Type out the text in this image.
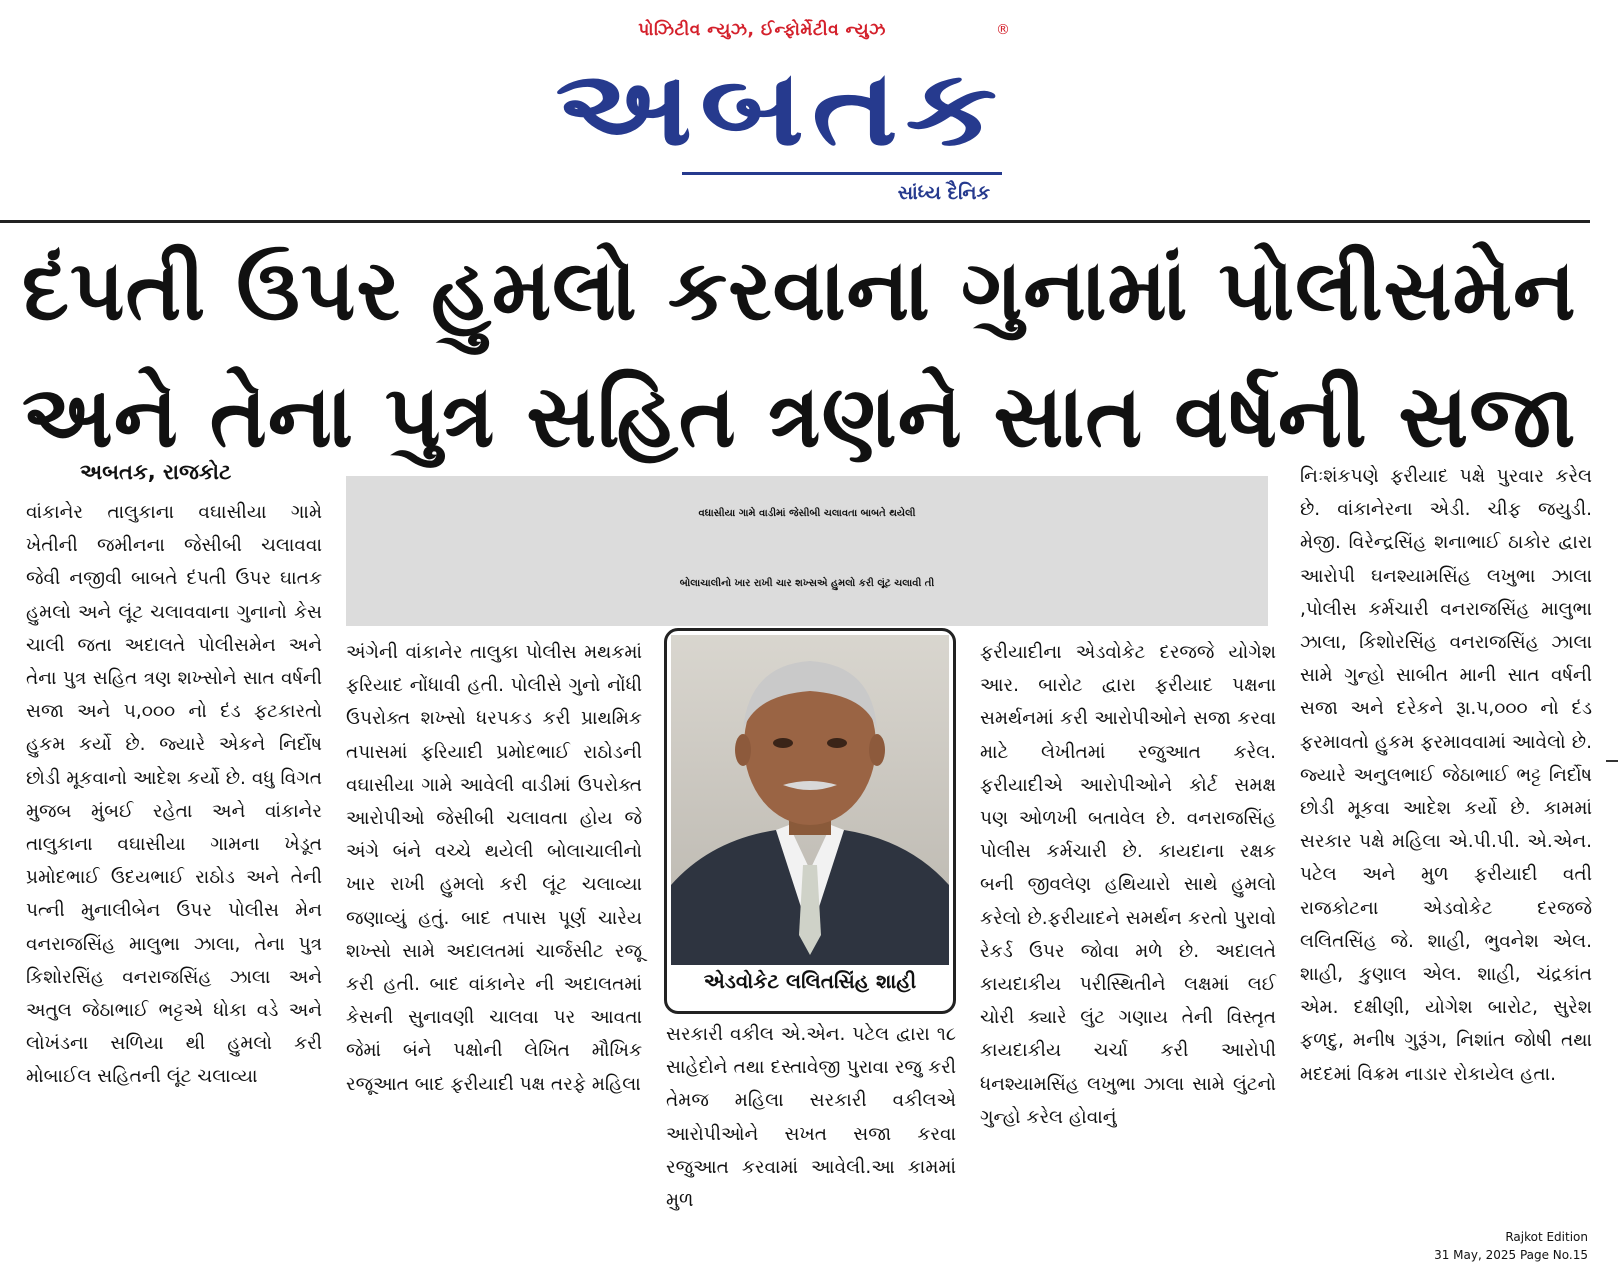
પોઝિટીવ ન્યુઝ, ઈન્ફોર્મેટીવ ન્યુઝ	®
અબતક
સાંધ્ય દૈનિક
દંપતી ઉપર હુમલો કરવાના ગુનામાં પોલીસમેન
અને તેના પુત્ર સહિત ત્રણને સાત વર્ષની સજા
અબતક, રાજકોટ
વઘાસીયા ગામે વાડીમાં જેસીબી ચલાવતા બાબતે થયેલી
બોલાચાલીનો ખાર રાખી ચાર શખ્સએ હુમલો કરી લૂંટ ચલાવી તી

વાંકાનેર તાલુકાના વઘાસીયા ગામે ખેતીની જમીનના જેસીબી ચલાવવા જેવી નજીવી બાબતે દંપતી ઉપર ઘાતક હુમલો અને લૂંટ ચલાવવાના ગુનાનો કેસ ચાલી જતા અદાલતે પોલીસમેન અને તેના પુત્ર સહિત ત્રણ શખ્સોને સાત વર્ષની સજા અને ૫,૦૦૦ નો દંડ ફટકારતો હુકમ કર્યો છે. જ્યારે એકને નિર્દોષ છોડી મૂકવાનો આદેશ કર્યો છે. વધુ વિગત મુજબ મુંબઈ રહેતા અને વાંકાનેર તાલુકાના વઘાસીયા ગામના ખેડૂત પ્રમોદભાઈ ઉદયભાઈ રાઠોડ અને તેની પત્ની મુનાલીબેન ઉપર પોલીસ મેન વનરાજસિંહ માલુભા ઝાલા, તેના પુત્ર કિશોરસિંહ વનરાજસિંહ ઝાલા અને અતુલ જેઠાભાઈ ભટ્ટએ ધોકા વડે અને લોખંડના સળિયા થી હુમલો કરી મોબાઈલ સહિતની લૂંટ ચલાવ્યા

અંગેની વાંકાનેર તાલુકા પોલીસ મથકમાં ફરિયાદ નોંધાવી હતી. પોલીસે ગુનો નોંધી ઉપરોક્ત શખ્સો ધરપકડ કરી પ્રાથમિક તપાસમાં ફરિયાદી પ્રમોદભાઈ રાઠોડની વઘાસીયા ગામે આવેલી વાડીમાં ઉપરોક્ત આરોપીઓ જેસીબી ચલાવતા હોય જે અંગે બંને વચ્ચે થયેલી બોલાચાલીનો ખાર રાખી હુમલો કરી લૂંટ ચલાવ્યા જણાવ્યું હતું. બાદ તપાસ પૂર્ણ ચારેય શખ્સો સામે અદાલતમાં ચાર્જસીટ રજૂ કરી હતી. બાદ વાંકાનેર ની અદાલતમાં કેસની સુનાવણી ચાલવા પર આવતા જેમાં બંને પક્ષોની લેખિત મૌખિક રજૂઆત બાદ ફરીયાદી પક્ષ તરફે મહિલા

એડવોકેટ લલિતસિંહ શાહી

સરકારી વકીલ એ.એન. પટેલ દ્વારા ૧૮ સાહેદોને તથા દસ્તાવેજી પુરાવા રજુ કરી તેમજ મહિલા સરકારી વકીલએ આરોપીઓને સખત સજા કરવા રજુઆત કરવામાં આવેલી.આ કામમાં મુળ

ફરીયાદીના એડવોકેટ દરજજે યોગેશ આર. બારોટ દ્વારા ફરીયાદ પક્ષના સમર્થનમાં કરી આરોપીઓને સજા કરવા માટે લેખીતમાં રજુઆત કરેલ. ફરીયાદીએ આરોપીઓને કોર્ટ સમક્ષ પણ ઓળખી બતાવેલ છે. વનરાજસિંહ પોલીસ કર્મચારી છે. કાયદાના રક્ષક બની જીવલેણ હથિયારો સાથે હુમલો કરેલો છે.ફરીયાદને સમર્થન કરતો પુરાવો રેકર્ડ ઉપર જોવા મળે છે. અદાલતે કાયદાકીય પરીસ્થિતીને લક્ષમાં લઈ ચોરી ક્યારે લુંટ ગણાય તેની વિસ્તૃત કાયદાકીય ચર્ચા કરી આરોપી ધનશ્યામસિંહ લખુભા ઝાલા સામે લુંટનો ગુન્હો કરેલ હોવાનું

નિઃશંકપણે ફરીયાદ પક્ષે પુરવાર કરેલ છે. વાંકાનેરના એડી. ચીફ જયુડી. મેજી. વિરેન્દ્રસિંહ શનાભાઈ ઠાકોર દ્વારા આરોપી ઘનશ્યામસિંહ લખુભા ઝાલા ,પોલીસ કર્મચારી વનરાજસિંહ માલુભા ઝાલા, કિશોરસિંહ વનરાજસિંહ ઝાલા સામે ગુન્હો સાબીત માની સાત વર્ષની સજા અને દરેકને રૂા.૫,૦૦૦ નો દંડ ફરમાવતો હુકમ ફરમાવવામાં આવેલો છે. જ્યારે અનુલભાઈ જેઠાભાઈ ભટ્ટ નિર્દોષ છોડી મૂકવા આદેશ કર્યો છે. કામમાં સરકાર પક્ષે મહિલા એ.પી.પી. એ.એન. પટેલ અને મુળ ફરીયાદી વતી રાજકોટના એડવોકેટ દરજજે લલિતસિંહ જે. શાહી, ભુવનેશ એલ. શાહી, કુણાલ એલ. શાહી, ચંદ્રકાંત એમ. દક્ષીણી, યોગેશ બારોટ, સુરેશ ફળદુ, મનીષ ગુરૂંગ, નિશાંત જોષી તથા મદદમાં વિક્રમ નાડાર રોકાયેલ હતા.

Rajkot Edition
31 May, 2025 Page No.15
